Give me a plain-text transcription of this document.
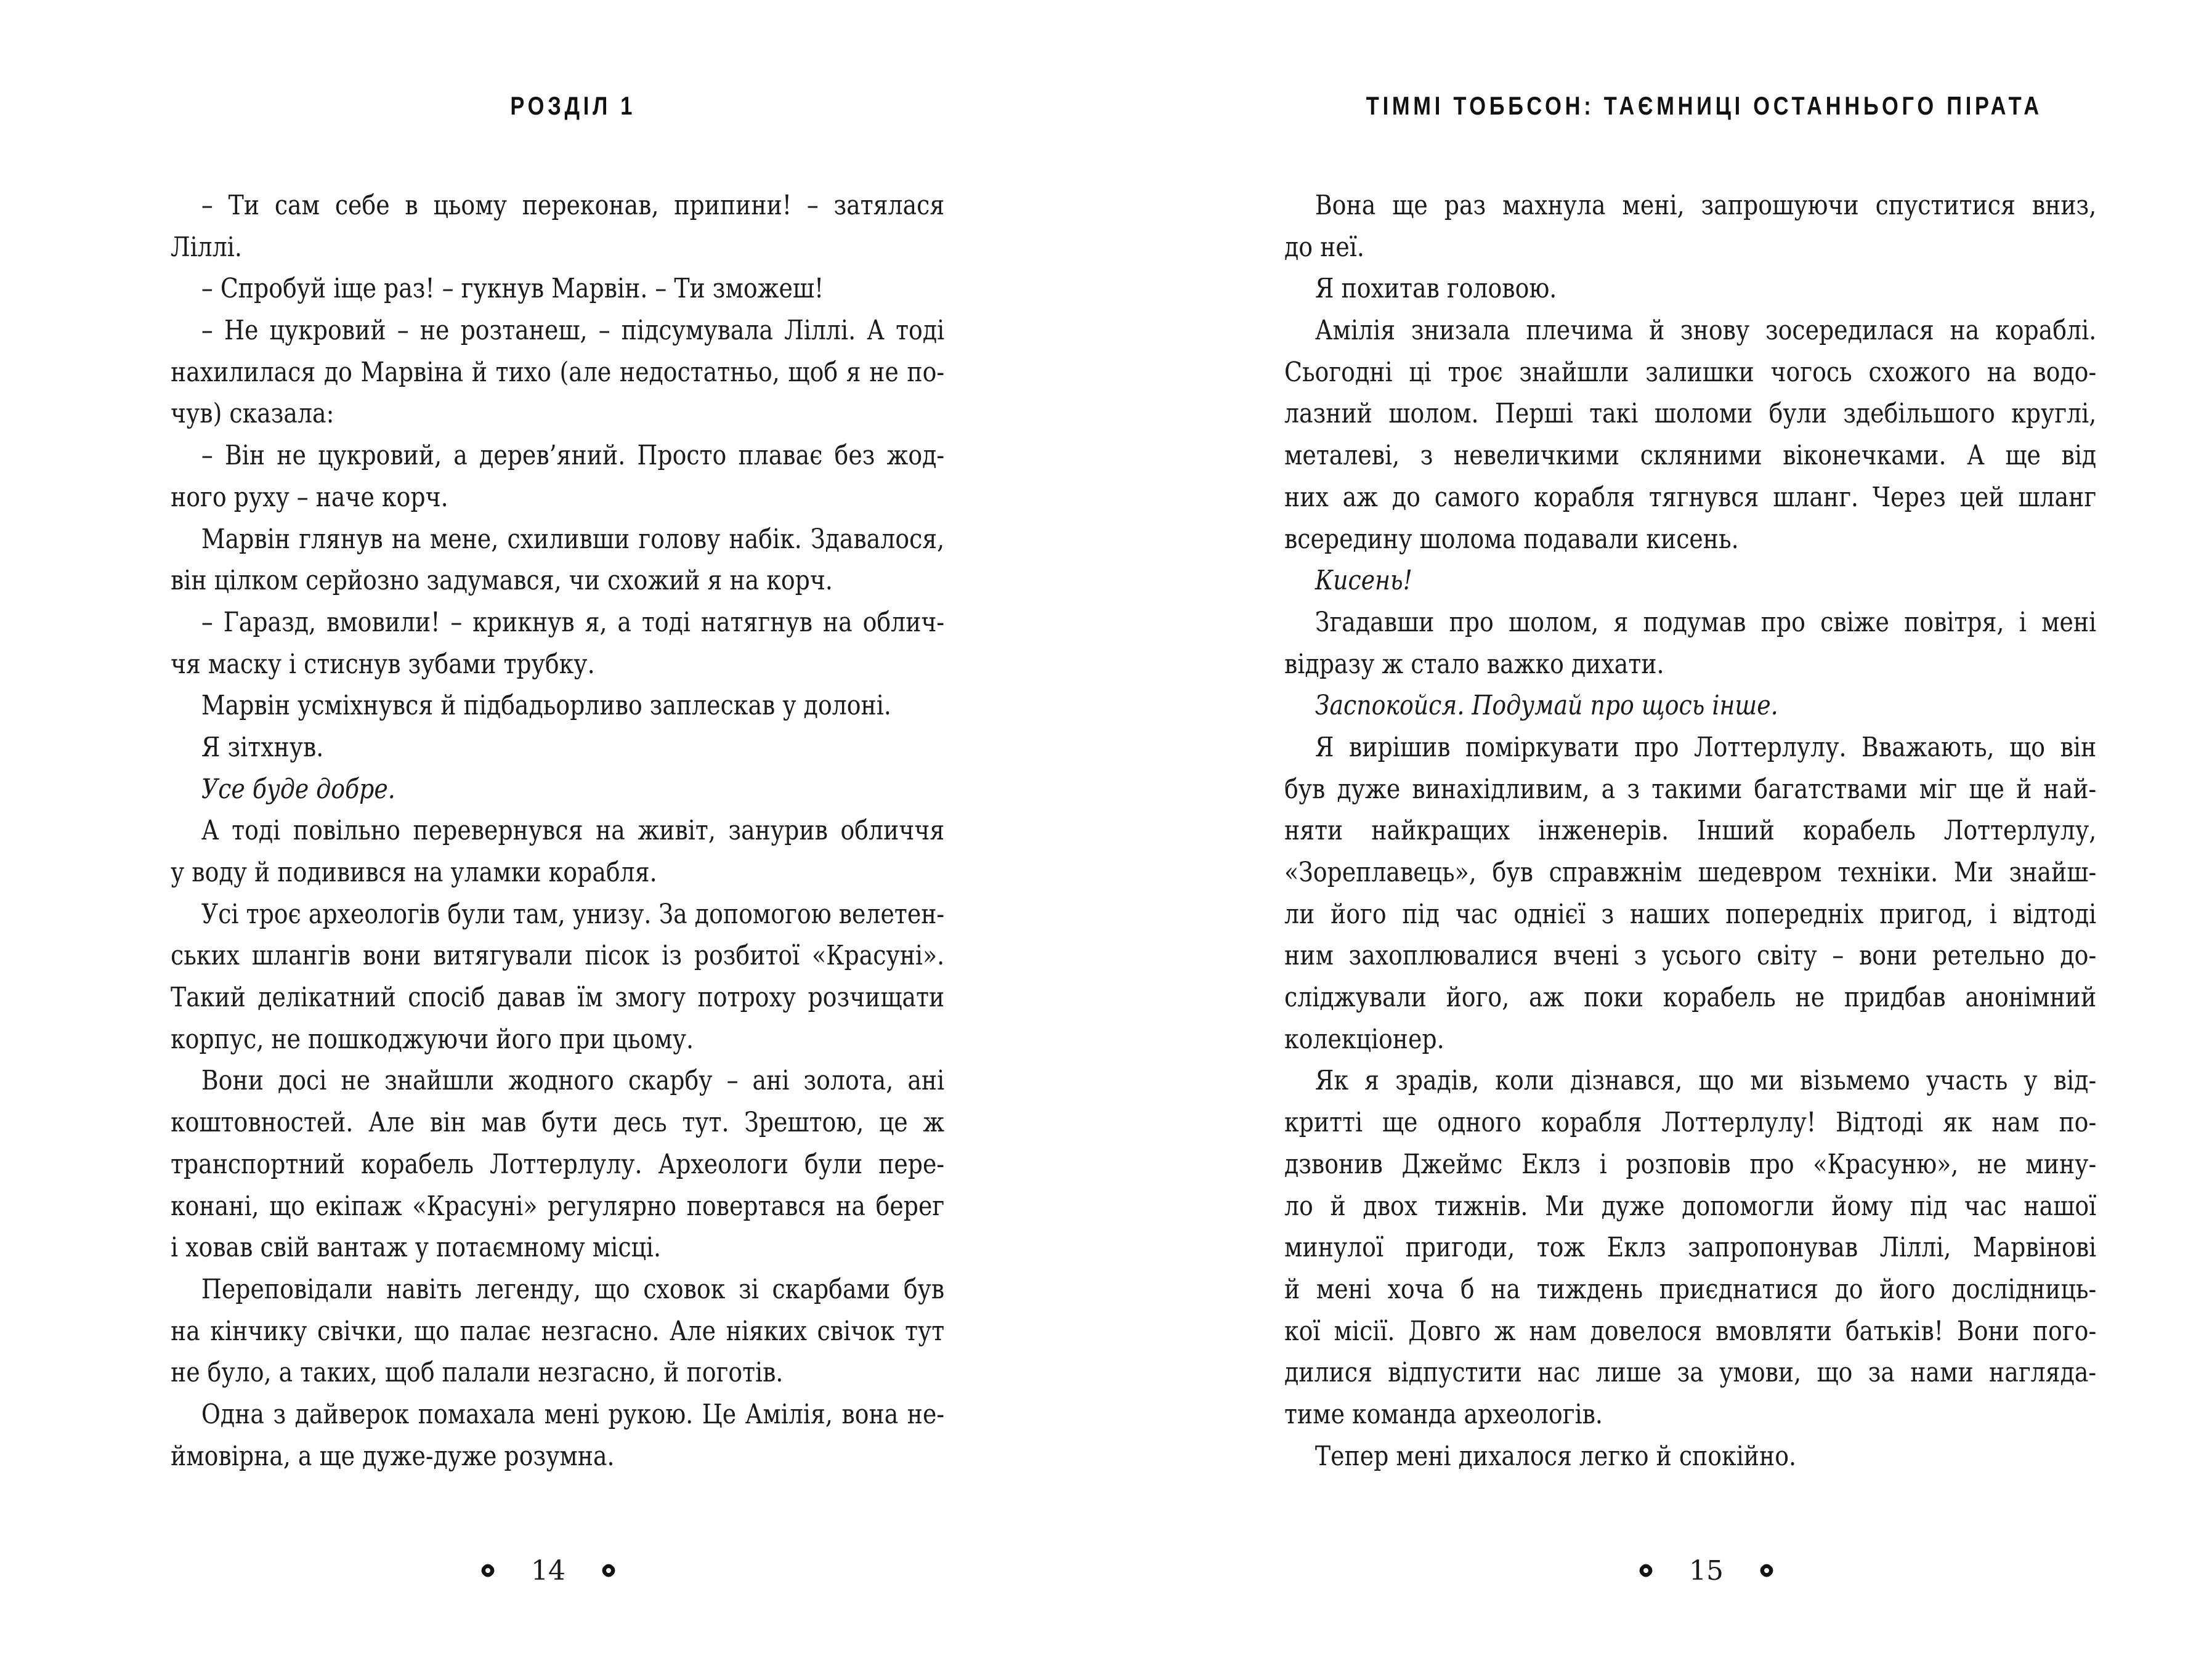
РОЗДІЛ 1
– Ти сам себе в цьому переконав, припини! – затялася
Ліллі.
– Спробуй іще раз! – гукнув Марвін. – Ти зможеш!
– Не цукровий – не розтанеш, – підсумувала Ліллі. А тоді
нахилилася до Марвіна й тихо (але недостатньо, щоб я не по-
чув) сказала:
– Він не цукровий, а дерев’яний. Просто плаває без жод-
ного руху – наче корч.
Марвін глянув на мене, схиливши голову набік. Здавалося,
він цілком серйозно задумався, чи схожий я на корч.
– Гаразд, вмовили! – крикнув я, а тоді натягнув на облич-
чя маску і стиснув зубами трубку.
Марвін усміхнувся й підбадьорливо заплескав у долоні.
Я зітхнув.
Усе буде добре.
А тоді повільно перевернувся на живіт, занурив обличчя
у воду й подивився на уламки корабля.
Усі троє археологів були там, унизу. За допомогою велетен-
ських шлангів вони витягували пісок із розбитої «Красуні».
Такий делікатний спосіб давав їм змогу потроху розчищати
корпус, не пошкоджуючи його при цьому.
Вони досі не знайшли жодного скарбу – ані золота, ані
коштовностей. Але він мав бути десь тут. Зрештою, це ж
транспортний корабель Лоттерлулу. Археологи були пере-
конані, що екіпаж «Красуні» регулярно повертався на берег
і ховав свій вантаж у потаємному місці.
Переповідали навіть легенду, що сховок зі скарбами був
на кінчику свічки, що палає незгасно. Але ніяких свічок тут
не було, а таких, щоб палали незгасно, й поготів.
Одна з дайверок помахала мені рукою. Це Амілія, вона не-
ймовірна, а ще дуже-дуже розумна.
14
ТІММІ ТОББСОН: ТАЄМНИЦІ ОСТАННЬОГО ПІРАТА
Вона ще раз махнула мені, запрошуючи спуститися вниз,
до неї.
Я похитав головою.
Амілія знизала плечима й знову зосередилася на кораблі.
Сьогодні ці троє знайшли залишки чогось схожого на водо-
лазний шолом. Перші такі шоломи були здебільшого круглі,
металеві, з невеличкими скляними віконечками. А ще від
них аж до самого корабля тягнувся шланг. Через цей шланг
всередину шолома подавали кисень.
Кисень!
Згадавши про шолом, я подумав про свіже повітря, і мені
відразу ж стало важко дихати.
Заспокойся. Подумай про щось інше.
Я вирішив поміркувати про Лоттерлулу. Вважають, що він
був дуже винахідливим, а з такими багатствами міг ще й най-
няти найкращих інженерів. Інший корабель Лоттерлулу,
«Зореплавець», був справжнім шедевром техніки. Ми знайш-
ли його під час однієї з наших попередніх пригод, і відтоді
ним захоплювалися вчені з усього світу – вони ретельно до-
сліджували його, аж поки корабель не придбав анонімний
колекціонер.
Як я зрадів, коли дізнався, що ми візьмемо участь у від-
критті ще одного корабля Лоттерлулу! Відтоді як нам по-
дзвонив Джеймс Еклз і розповів про «Красуню», не мину-
ло й двох тижнів. Ми дуже допомогли йому під час нашої
минулої пригоди, тож Еклз запропонував Ліллі, Марвінові
й мені хоча б на тиждень приєднатися до його дослідниць-
кої місії. Довго ж нам довелося вмовляти батьків! Вони пого-
дилися відпустити нас лише за умови, що за нами нагляда-
тиме команда археологів.
Тепер мені дихалося легко й спокійно.
15
